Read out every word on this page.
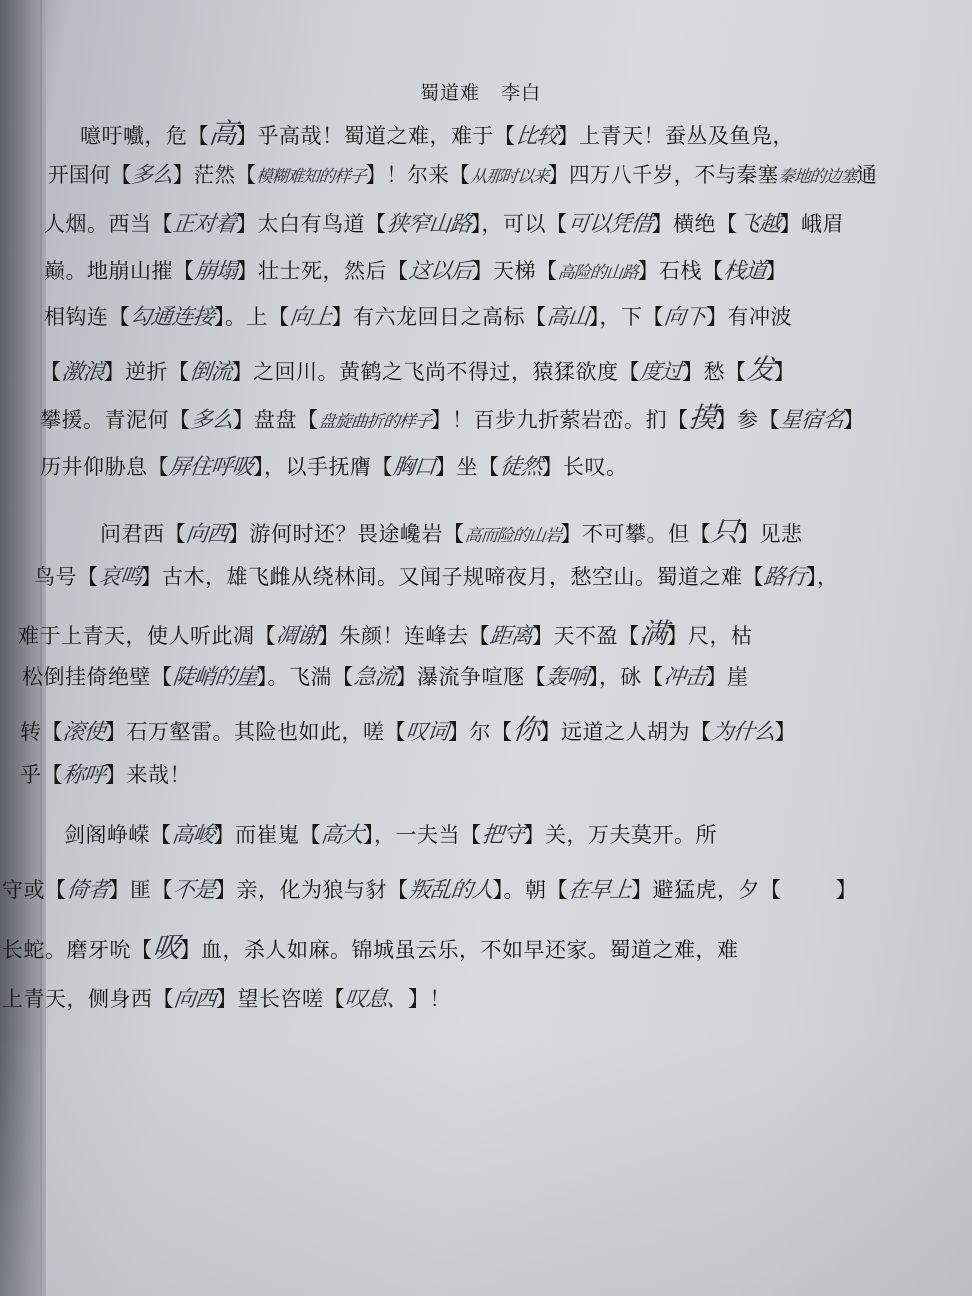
蜀道难 李白
噫吁嚱，危【高】乎高哉！蜀道之难，难于【比较】上青天！蚕丛及鱼凫，
开国何【多么】茫然【模糊难知的样子】！尔来【从那时以来】四万八千岁，不与秦塞秦地的边塞通
人烟。西当【正对着】太白有鸟道【狭窄山路】，可以【可以凭借】横绝【飞越】峨眉
巅。地崩山摧【崩塌】壮士死，然后【这以后】天梯【高险的山路】石栈【栈道】
相钩连【勾通连接】。上【向上】有六龙回日之高标【高山】，下【向下】有冲波
【激浪】逆折【倒流】之回川。黄鹤之飞尚不得过，猿猱欲度【度过】愁【发】
攀援。青泥何【多么】盘盘【盘旋曲折的样子】！百步九折萦岩峦。扪【摸】参【星宿名】
历井仰胁息【屏住呼吸】，以手抚膺【胸口】坐【徒然】长叹。
问君西【向西】游何时还？畏途巉岩【高而险的山岩】不可攀。但【只】见悲
鸟号【哀鸣】古木，雄飞雌从绕林间。又闻子规啼夜月，愁空山。蜀道之难【路行】，
难于上青天，使人听此凋【凋谢】朱颜！连峰去【距离】天不盈【满】尺，枯
松倒挂倚绝壁【陡峭的崖】。飞湍【急流】瀑流争喧豗【轰响】，砯【冲击】崖
转【滚使】石万壑雷。其险也如此，嗟【叹词】尔【你】远道之人胡为【为什么】
乎【称呼】来哉！
剑阁峥嵘【高峻】而崔嵬【高大】，一夫当【把守】关，万夫莫开。所
守或【倚者】匪【不是】亲，化为狼与豺【叛乱的人】。朝【在早上】避猛虎，夕【　　	】
长蛇。磨牙吮【吸】血，杀人如麻。锦城虽云乐，不如早还家。蜀道之难，难
上青天，侧身西【向西】望长咨嗟【叹息、】！
